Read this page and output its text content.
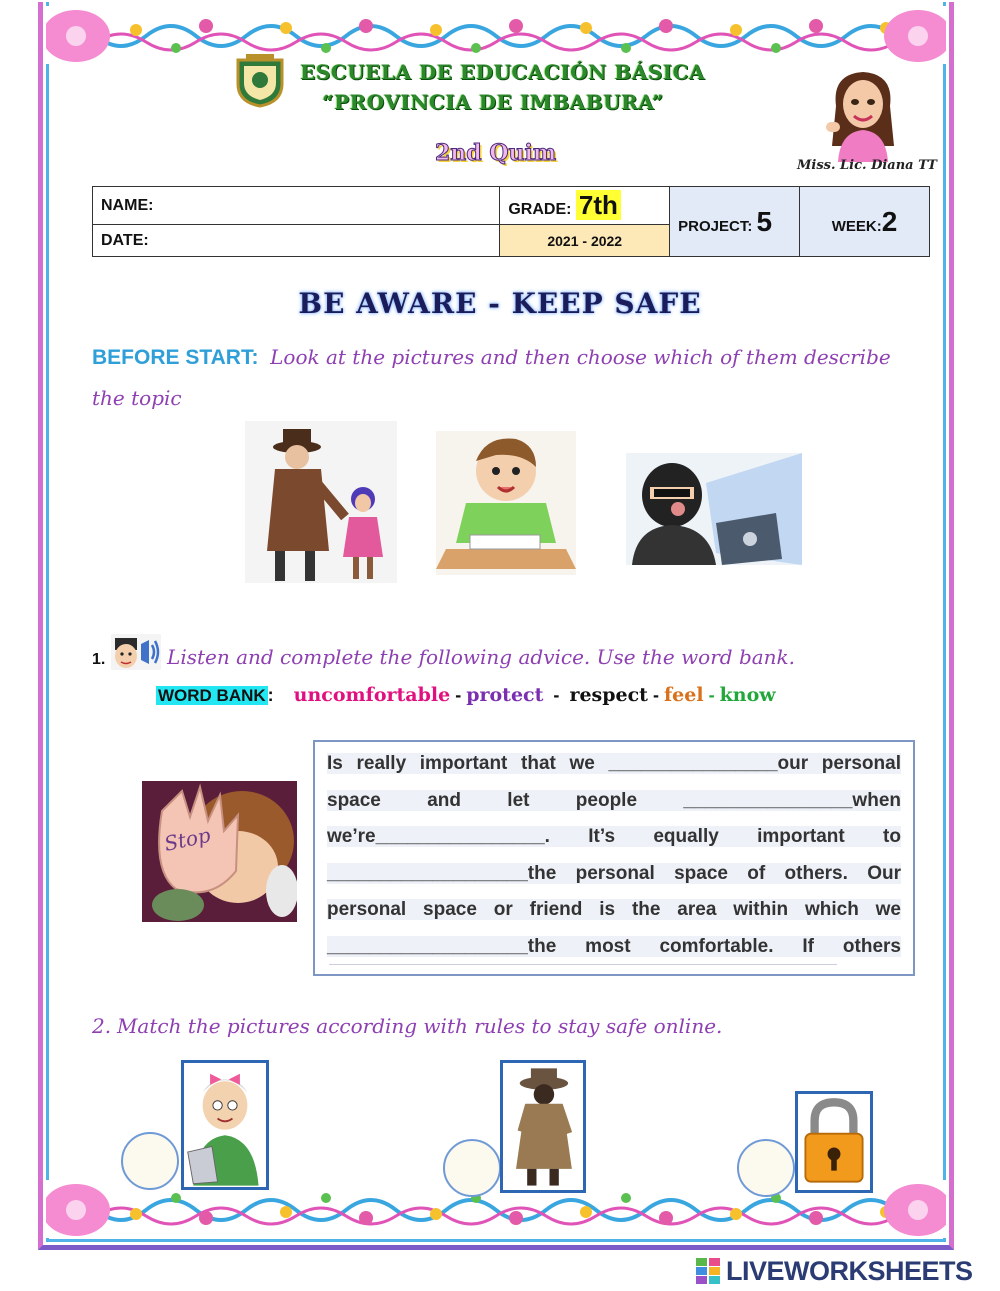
ESCUELA DE EDUCACIÓN BÁSICA
“PROVINCIA DE IMBABURA”
2nd Quim	Miss. Lic. Diana TT
NAME:	GRADE: 7th	PROJECT: 5	WEEK:2
DATE:	2021 - 2022		
BE AWARE - KEEP SAFE
BEFORE START: Look at the pictures and then choose which of them describe
the topic
1.	Listen and complete the following advice. Use the word bank.
WORD BANK : uncomfortable - protect - respect - feel - know
Stop

Is really important that we ________________our personal

space and let people ________________when

we’re________________. It’s equally important to

___________________the personal space of others. Our

personal space or friend is the area within which we

___________________the most comfortable. If others

2. Match the pictures according with rules to stay safe online.
LIVEWORKSHEETS
